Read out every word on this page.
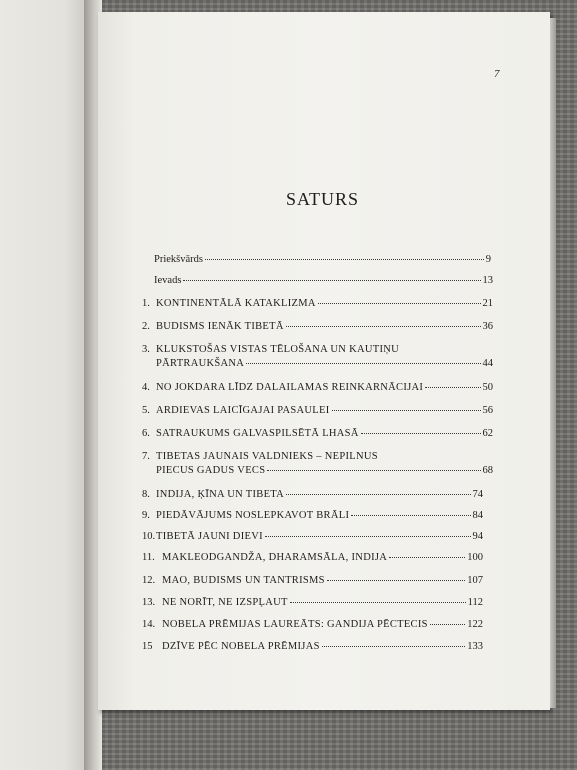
7
SATURS
Priekšvārds	9
Ievads	13
1. KONTINENTĀLĀ KATAKLIZMA	21
2. BUDISMS IENĀK TIBETĀ	36
3. KLUKSTOŠAS VISTAS TĒLOŠANA UN KAUTIŅU
PĀRTRAUKŠANA	44
4. NO JOKDARA LĪDZ DALAILAMAS REINKARNĀCIJAI	50
5. ARDIEVAS LAICĪGAJAI PASAULEI	56
6. SATRAUKUMS GALVASPILSĒTĀ LHASĀ	62
7. TIBETAS JAUNAIS VALDNIEKS – NEPILNUS
PIECUS GADUS VECS	68
8. INDIJA, ĶĪNA UN TIBETA	74
9. PIEDĀVĀJUMS NOSLEPKAVOT BRĀLI	84
10. TIBETĀ JAUNI DIEVI	94
11. MAKLEODGANDŽA, DHARAMSĀLA, INDIJA	100
12. MAO, BUDISMS UN TANTRISMS	107
13. NE NORĪT, NE IZSPĻAUT	112
14. NOBELA PRĒMIJAS LAUREĀTS: GANDIJA PĒCTECIS	122
15 DZĪVE PĒC NOBELA PRĒMIJAS	133
